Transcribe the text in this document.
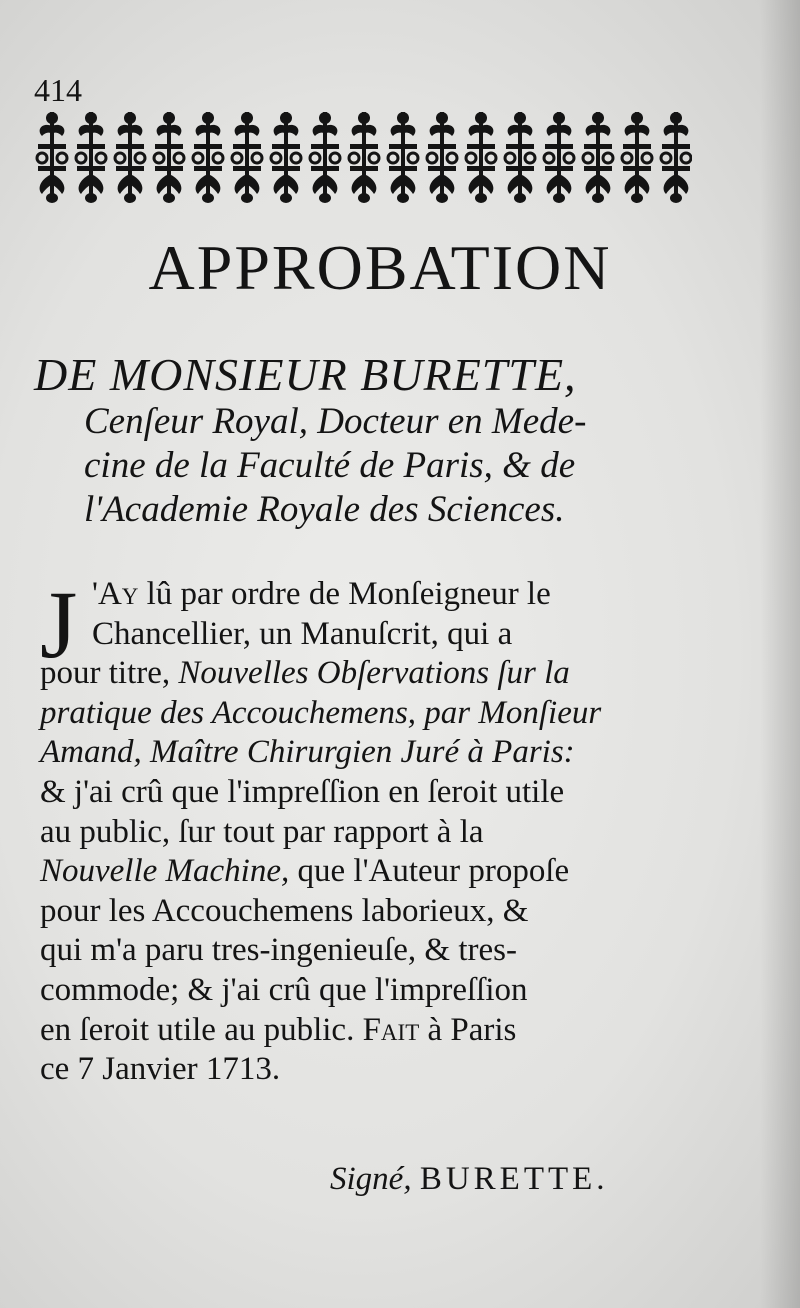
414
APPROBATION
DE MONSIEUR BURETTE,
Cenſeur Royal, Docteur en Mede-
cine de la Faculté de Paris, & de
l'Academie Royale des Sciences.
J 'Ay lû par ordre de Monſeigneur le
Chancellier, un Manuſcrit, qui a
pour titre, Nouvelles Obſervations ſur la
pratique des Accouchemens, par Monſieur
Amand, Maître Chirurgien Juré à Paris:
& j'ai crû que l'impreſſion en ſeroit utile
au public, ſur tout par rapport à la
Nouvelle Machine, que l'Auteur propoſe
pour les Accouchemens laborieux, &
qui m'a paru tres-ingenieuſe, & tres-
commode; & j'ai crû que l'impreſſion
en ſeroit utile au public. Fait à Paris
ce 7 Janvier 1713.
Signé, BURETTE.
